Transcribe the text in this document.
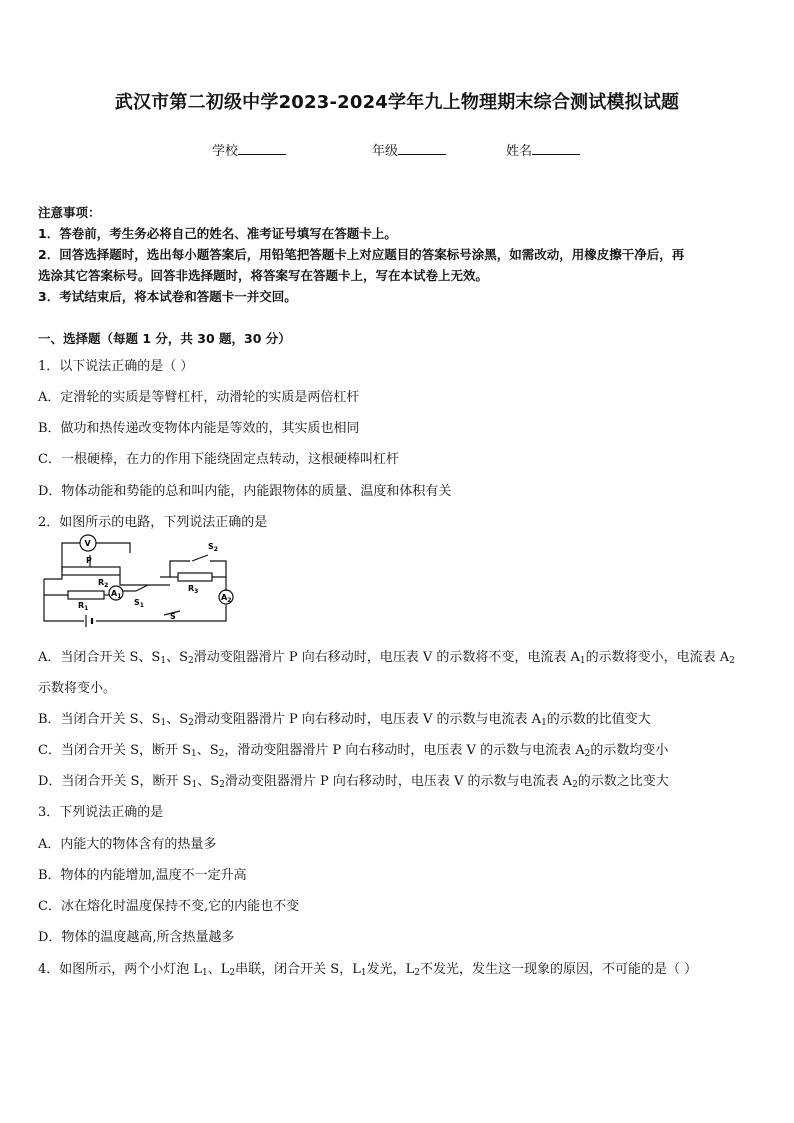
武汉市第二初级中学2023-2024学年九上物理期末综合测试模拟试题
学校	年级	姓名
注意事项：
1．答卷前，考生务必将自己的姓名、准考证号填写在答题卡上。
2．回答选择题时，选出每小题答案后，用铅笔把答题卡上对应题目的答案标号涂黑，如需改动，用橡皮擦干净后，再
选涂其它答案标号。回答非选择题时，将答案写在答题卡上，写在本试卷上无效。
3．考试结束后，将本试卷和答题卡一并交回。
一、选择题（每题 1 分，共 30 题，30 分）
1．以下说法正确的是（ ）
A．定滑轮的实质是等臂杠杆，动滑轮的实质是两倍杠杆
B．做功和热传递改变物体内能是等效的，其实质也相同
C．一根硬棒，在力的作用下能绕固定点转动，这根硬棒叫杠杆
D．物体动能和势能的总和叫内能，内能跟物体的质量、温度和体积有关
2．如图所示的电路，下列说法正确的是
V
P
$R_2$
$R_1$
$A_1$
$S_1$
$R_3$
$A_2$
$S_2$
S
A．当闭合开关 S、$S_1$、$S_2$滑动变阻器滑片 P 向右移动时，电压表 V 的示数将不变，电流表 $A_1$的示数将变小，电流表 $A_2$
示数将变小。
B．当闭合开关 S、$S_1$、$S_2$滑动变阻器滑片 P 向右移动时，电压表 V 的示数与电流表 $A_1$的示数的比值变大
C．当闭合开关 S，断开 $S_1$、$S_2$，滑动变阻器滑片 P 向右移动时，电压表 V 的示数与电流表 $A_2$的示数均变小
D．当闭合开关 S，断开 $S_1$、$S_2$滑动变阻器滑片 P 向右移动时，电压表 V 的示数与电流表 $A_2$的示数之比变大
3．下列说法正确的是
A．内能大的物体含有的热量多
B．物体的内能增加,温度不一定升高
C．冰在熔化时温度保持不变,它的内能也不变
D．物体的温度越高,所含热量越多
4．如图所示，两个小灯泡 $L_1$、$L_2$串联，闭合开关 S，$L_1$发光，$L_2$不发光，发生这一现象的原因，不可能的是（ ）
